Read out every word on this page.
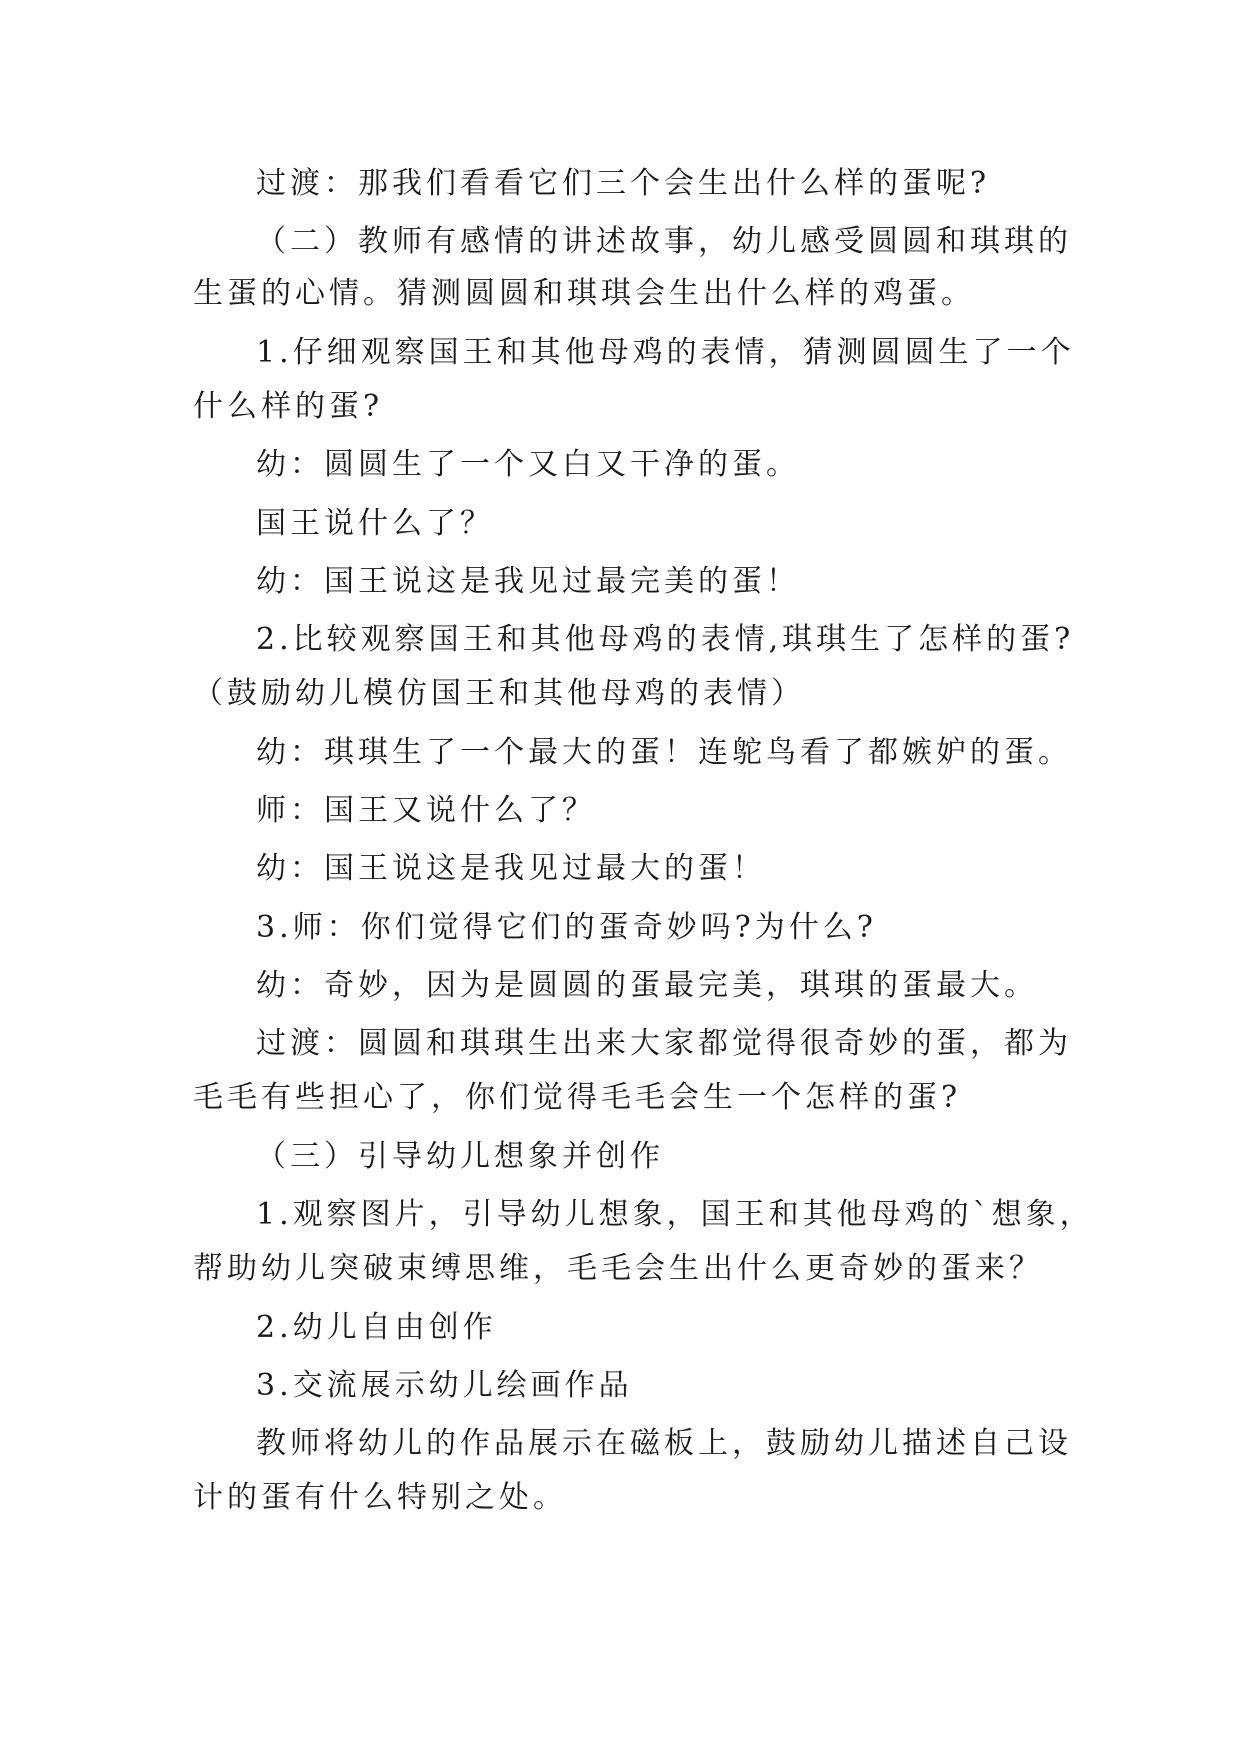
过渡：那我们看看它们三个会生出什么样的蛋呢?
（二）教师有感情的讲述故事，幼儿感受圆圆和琪琪的
生蛋的心情。猜测圆圆和琪琪会生出什么样的鸡蛋。
1.仔细观察国王和其他母鸡的表情，猜测圆圆生了一个
什么样的蛋?
幼：圆圆生了一个又白又干净的蛋。
国王说什么了？
幼：国王说这是我见过最完美的蛋！
2.比较观察国王和其他母鸡的表情,琪琪生了怎样的蛋?
（鼓励幼儿模仿国王和其他母鸡的表情）
幼：琪琪生了一个最大的蛋！连鸵鸟看了都嫉妒的蛋。
师：国王又说什么了？
幼：国王说这是我见过最大的蛋！
3.师：你们觉得它们的蛋奇妙吗?为什么?
幼：奇妙，因为是圆圆的蛋最完美，琪琪的蛋最大。
过渡：圆圆和琪琪生出来大家都觉得很奇妙的蛋，都为
毛毛有些担心了，你们觉得毛毛会生一个怎样的蛋?
（三）引导幼儿想象并创作
1.观察图片，引导幼儿想象，国王和其他母鸡的`想象，
帮助幼儿突破束缚思维，毛毛会生出什么更奇妙的蛋来？
2.幼儿自由创作
3.交流展示幼儿绘画作品
教师将幼儿的作品展示在磁板上，鼓励幼儿描述自己设
计的蛋有什么特别之处。
